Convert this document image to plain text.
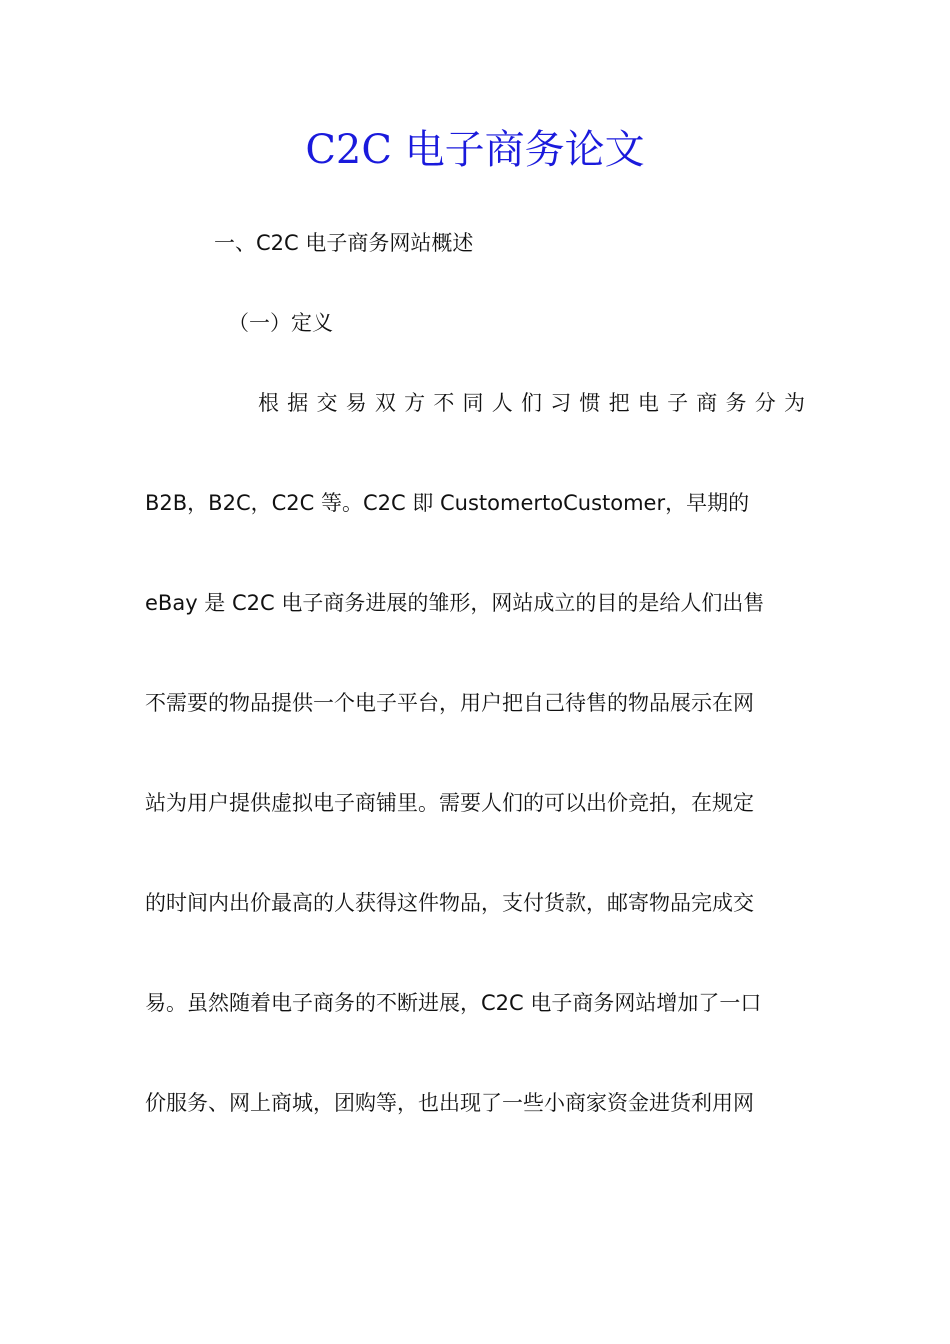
C2C 电子商务论文
一、C2C 电子商务网站概述
（一）定义
根 据 交 易 双 方 不 同 人 们 习 惯 把 电 子 商 务 分 为
B2B，B2C，C2C 等。C2C 即 CustomertoCustomer，早期的
eBay 是 C2C 电子商务进展的雏形，网站成立的目的是给人们出售
不需要的物品提供一个电子平台，用户把自己待售的物品展示在网
站为用户提供虚拟电子商铺里。需要人们的可以出价竞拍，在规定
的时间内出价最高的人获得这件物品，支付货款，邮寄物品完成交
易。虽然随着电子商务的不断进展，C2C 电子商务网站增加了一口
价服务、网上商城，团购等，也出现了一些小商家资金进货利用网
